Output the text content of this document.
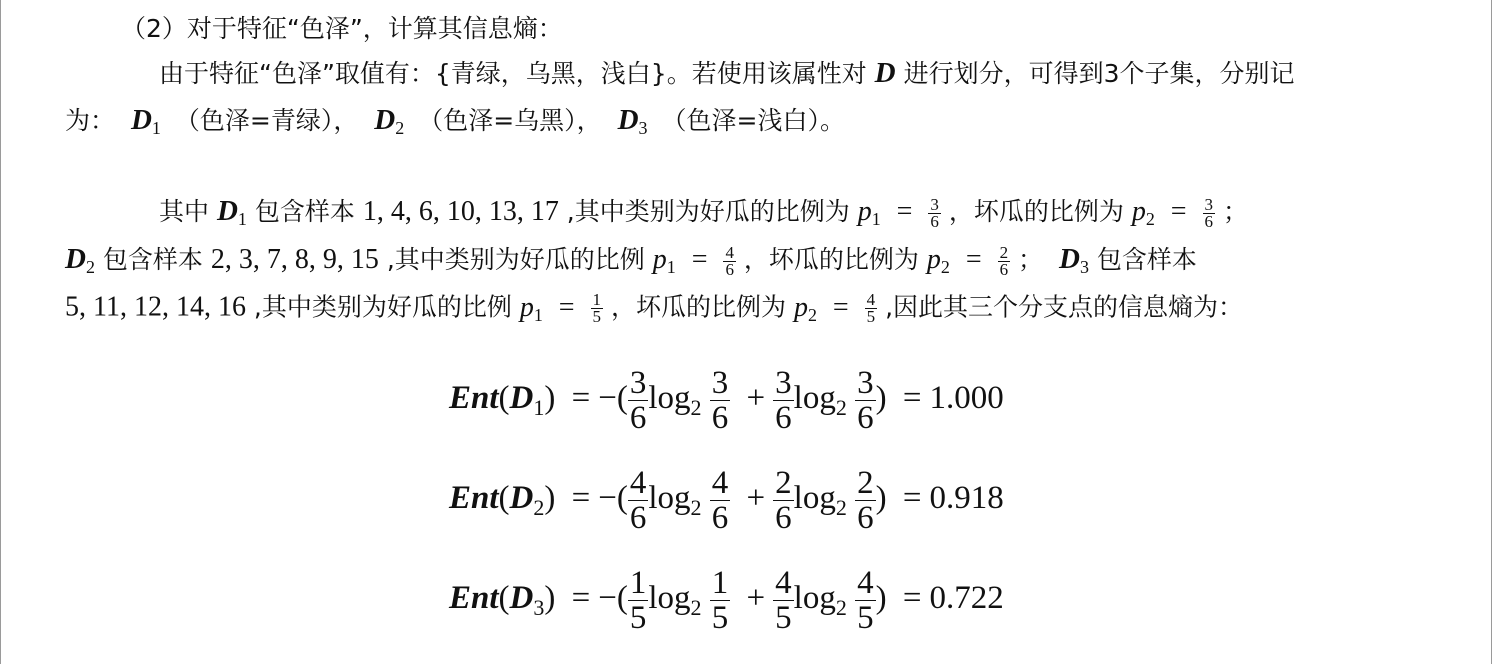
（2）对于特征“色泽”，计算其信息熵：
由于特征“色泽”取值有：{青绿，乌黑，浅白}。若使用该属性对 D 进行划分，可得到3个子集，分别记
为： $D_1$ （色泽=青绿）， $D_2$ （色泽=乌黑）， $D_3$ （色泽=浅白）。
其中 $D_1$ 包含样本 1, 4, 6, 10, 13, 17 ,其中类别为好瓜的比例为 $p_1 = \frac{3}{6}$ ，坏瓜的比例为 $p_2 = \frac{3}{6}$ ；
$D_2$ 包含样本 2, 3, 7, 8, 9, 15 ,其中类别为好瓜的比例 $p_1 = \frac{4}{6}$ ，坏瓜的比例为 $p_2 = \frac{2}{6}$ ； $D_3$ 包含样本
5, 11, 12, 14, 16 ,其中类别为好瓜的比例 $p_1 = \frac{1}{5}$ ，坏瓜的比例为 $p_2 = \frac{4}{5}$ ,因此其三个分支点的信息熵为：
$Ent(D_1)$ = −( $\frac{3}{6} \log_2 \frac{3}{6} + \frac{3}{6} \log_2 \frac{3}{6}$ ) = 1.000
$Ent(D_2)$ = −( $\frac{4}{6} \log_2 \frac{4}{6} + \frac{2}{6} \log_2 \frac{2}{6}$ ) = 0.918
$Ent(D_3)$ = −( $\frac{1}{5} \log_2 \frac{1}{5} + \frac{4}{5} \log_2 \frac{4}{5}$ ) = 0.722
